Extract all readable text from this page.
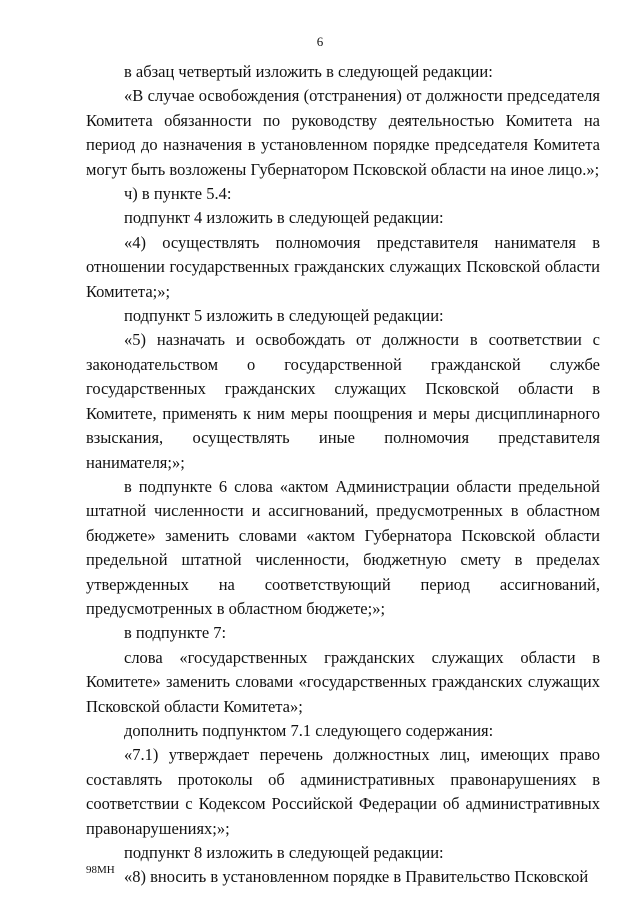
6

в абзац четвертый изложить в следующей редакции:

«В случае освобождения (отстранения) от должности председателя Комитета обязанности по руководству деятельностью Комитета на период до назначения в установленном порядке председателя Комитета могут быть возложены Губернатором Псковской области на иное лицо.»;

ч) в пункте 5.4:

подпункт 4 изложить в следующей редакции:

«4) осуществлять полномочия представителя нанимателя в отношении государственных гражданских служащих Псковской области Комитета;»;

подпункт 5 изложить в следующей редакции:

«5) назначать и освобождать от должности в соответствии с законодательством о государственной гражданской службе государственных гражданских служащих Псковской области в Комитете, применять к ним меры поощрения и меры дисциплинарного взыскания, осуществлять иные полномочия представителя нанимателя;»;

в подпункте 6 слова «актом Администрации области предельной штатной численности и ассигнований, предусмотренных в областном бюджете» заменить словами «актом Губернатора Псковской области предельной штатной численности, бюджетную смету в пределах утвержденных на соответствующий период ассигнований, предусмотренных в областном бюджете;»;

в подпункте 7:

слова «государственных гражданских служащих области в Комитете» заменить словами «государственных гражданских служащих Псковской области Комитета»;

дополнить подпунктом 7.1 следующего содержания:

«7.1) утверждает перечень должностных лиц, имеющих право составлять протоколы об административных правонарушениях в соответствии с Кодексом Российской Федерации об административных правонарушениях;»;

подпункт 8 изложить в следующей редакции:

«8) вносить в установленном порядке в Правительство Псковской

98МН
